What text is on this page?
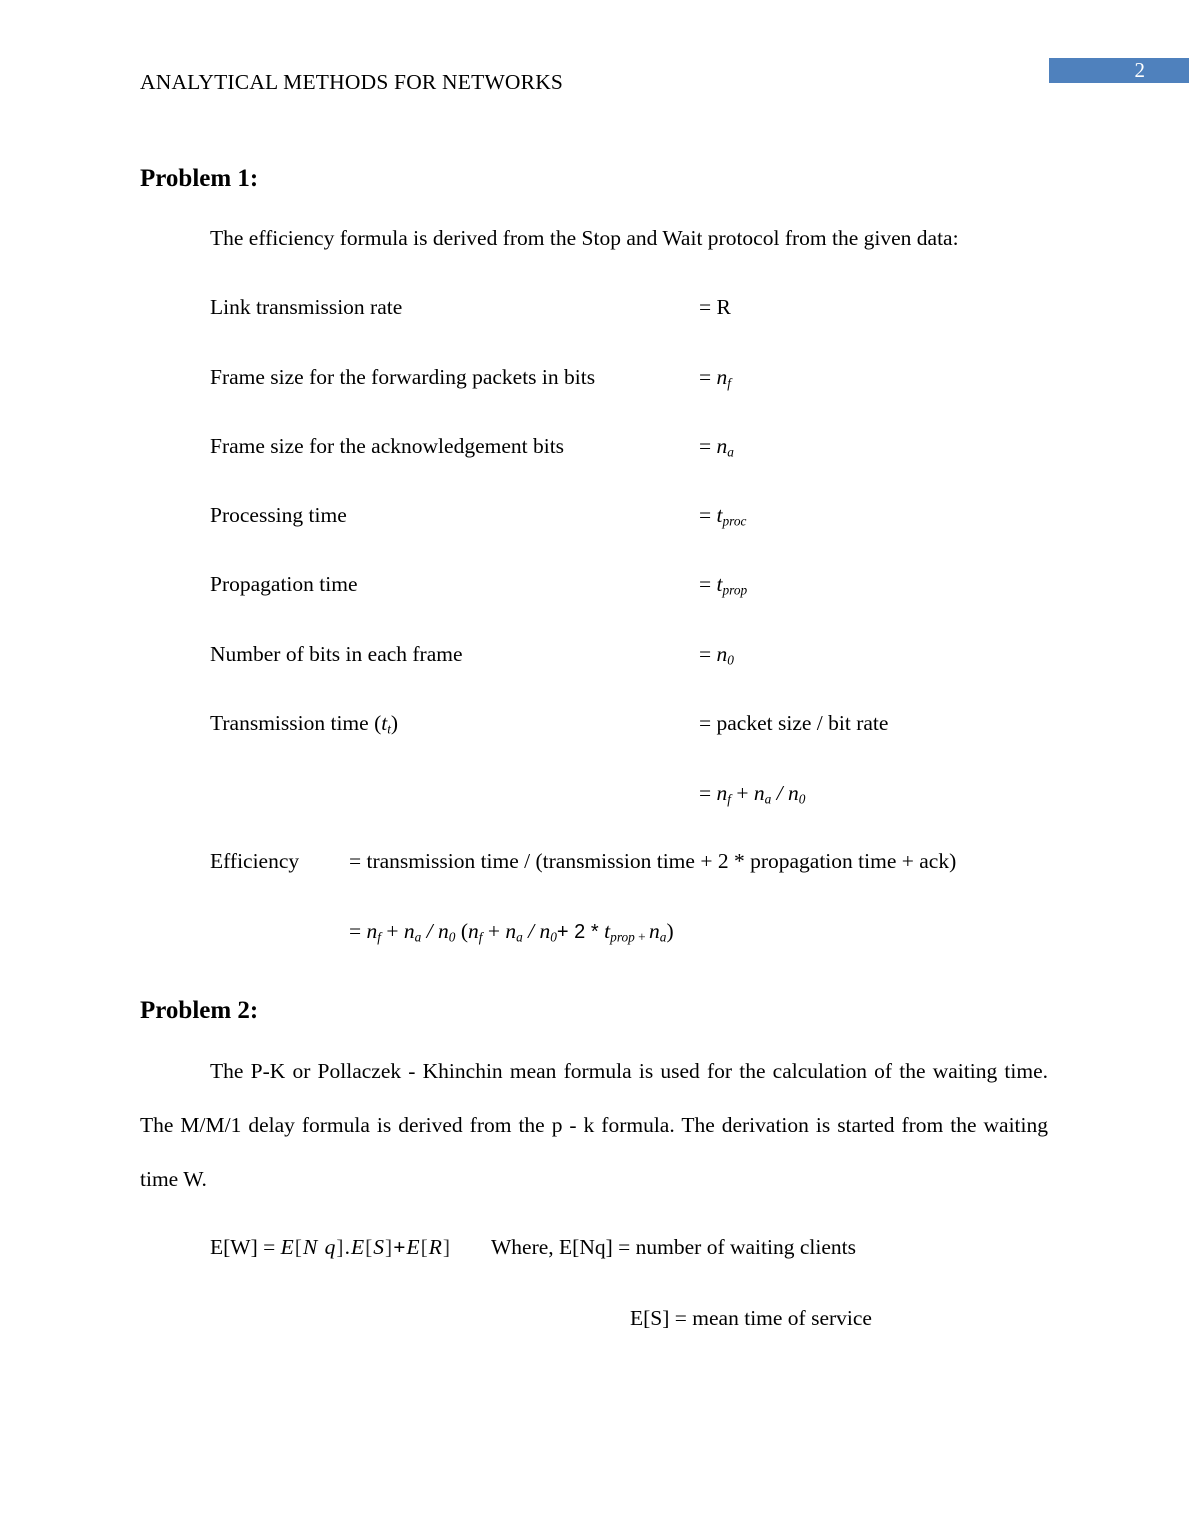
2
ANALYTICAL METHODS FOR NETWORKS
Problem 1:
The efficiency formula is derived from the Stop and Wait protocol from the given data:
Link transmission rate	= R
Frame size for the forwarding packets in bits	= $n_f$
Frame size for the acknowledgement bits	= $n_a$
Processing time	= $t_{proc}$
Propagation time	= $t_{prop}$
Number of bits in each frame	= $n_0$
Transmission time $(t_t)$	= packet size / bit rate
= $n_f + n_a / n_0$
Efficiency = transmission time / (transmission time + 2 * propagation time + ack)
= $n_f + n_a / n_0$ ($n_f + n_a / n_0+ 2 * t_{prop +}$ $n_a$)
Problem 2:
The P-K or Pollaczek - Khinchin mean formula is used for the calculation of the waiting time. The M/M/1 delay formula is derived from the p - k formula. The derivation is started from the waiting time W.
E[W] = E[N q].E[S]+E[R] Where, E[Nq] = number of waiting clients
E[S] = mean time of service
